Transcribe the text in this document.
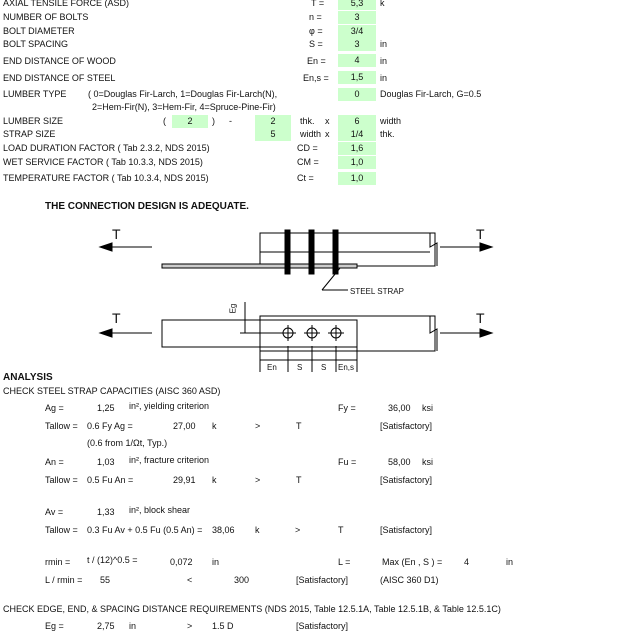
AXIAL TENSILE FORCE (ASD)	T =	5,3	k
NUMBER OF BOLTS	n =	3
BOLT DIAMETER	φ =	3/4
BOLT SPACING	S =	3	in
END DISTANCE OF WOOD	En =	4	in
END DISTANCE OF STEEL	En,s =	1,5	in
LUMBER TYPE ( 0=Douglas Fir-Larch, 1=Douglas Fir-Larch(N),
2=Hem-Fir(N), 3=Hem-Fir, 4=Spruce-Pine-Fir)
0	Douglas Fir-Larch, G=0.5
LUMBER SIZE	(	2	) -	2	thk. x	6	width
STRAP SIZE	5	width x	1/4	thk.
LOAD DURATION FACTOR ( Tab 2.3.2, NDS 2015)	CD =	1,6
WET SERVICE FACTOR ( Tab 10.3.3, NDS 2015)	CM =	1,0
TEMPERATURE FACTOR ( Tab 10.3.4, NDS 2015)	Ct =	1,0
THE CONNECTION DESIGN IS ADEQUATE.
T	T
STEEL STRAP
T	T
Eg
En	S S En,s
ANALYSIS
CHECK STEEL STRAP CAPACITIES (AISC 360 ASD)
Ag =	1,25 in², yielding criterion	Fy =	36,00 ksi
Tallow = 0.6 Fy Ag =	27,00 k	>	T	[Satisfactory]
(0.6 from 1/Ωt, Typ.)
An =	1,03 in², fracture criterion	Fu =	58,00 ksi
Tallow = 0.5 Fu An =	29,91 k	>	T	[Satisfactory]
Av =	1,33 in², block shear
Tallow = 0.3 Fu Av + 0.5 Fu (0.5 An) = 38,06 k	>	T	[Satisfactory]
rmin = t / (12)^0.5 =	0,072 in	L =	Max (En , S ) = 4	in
L / rmin = 55	<	300	[Satisfactory]	(AISC 360 D1)
CHECK EDGE, END, & SPACING DISTANCE REQUIREMENTS (NDS 2015, Table 12.5.1A, Table 12.5.1B, & Table 12.5.1C)
Eg =	2,75 in	> 1.5 D	[Satisfactory]
